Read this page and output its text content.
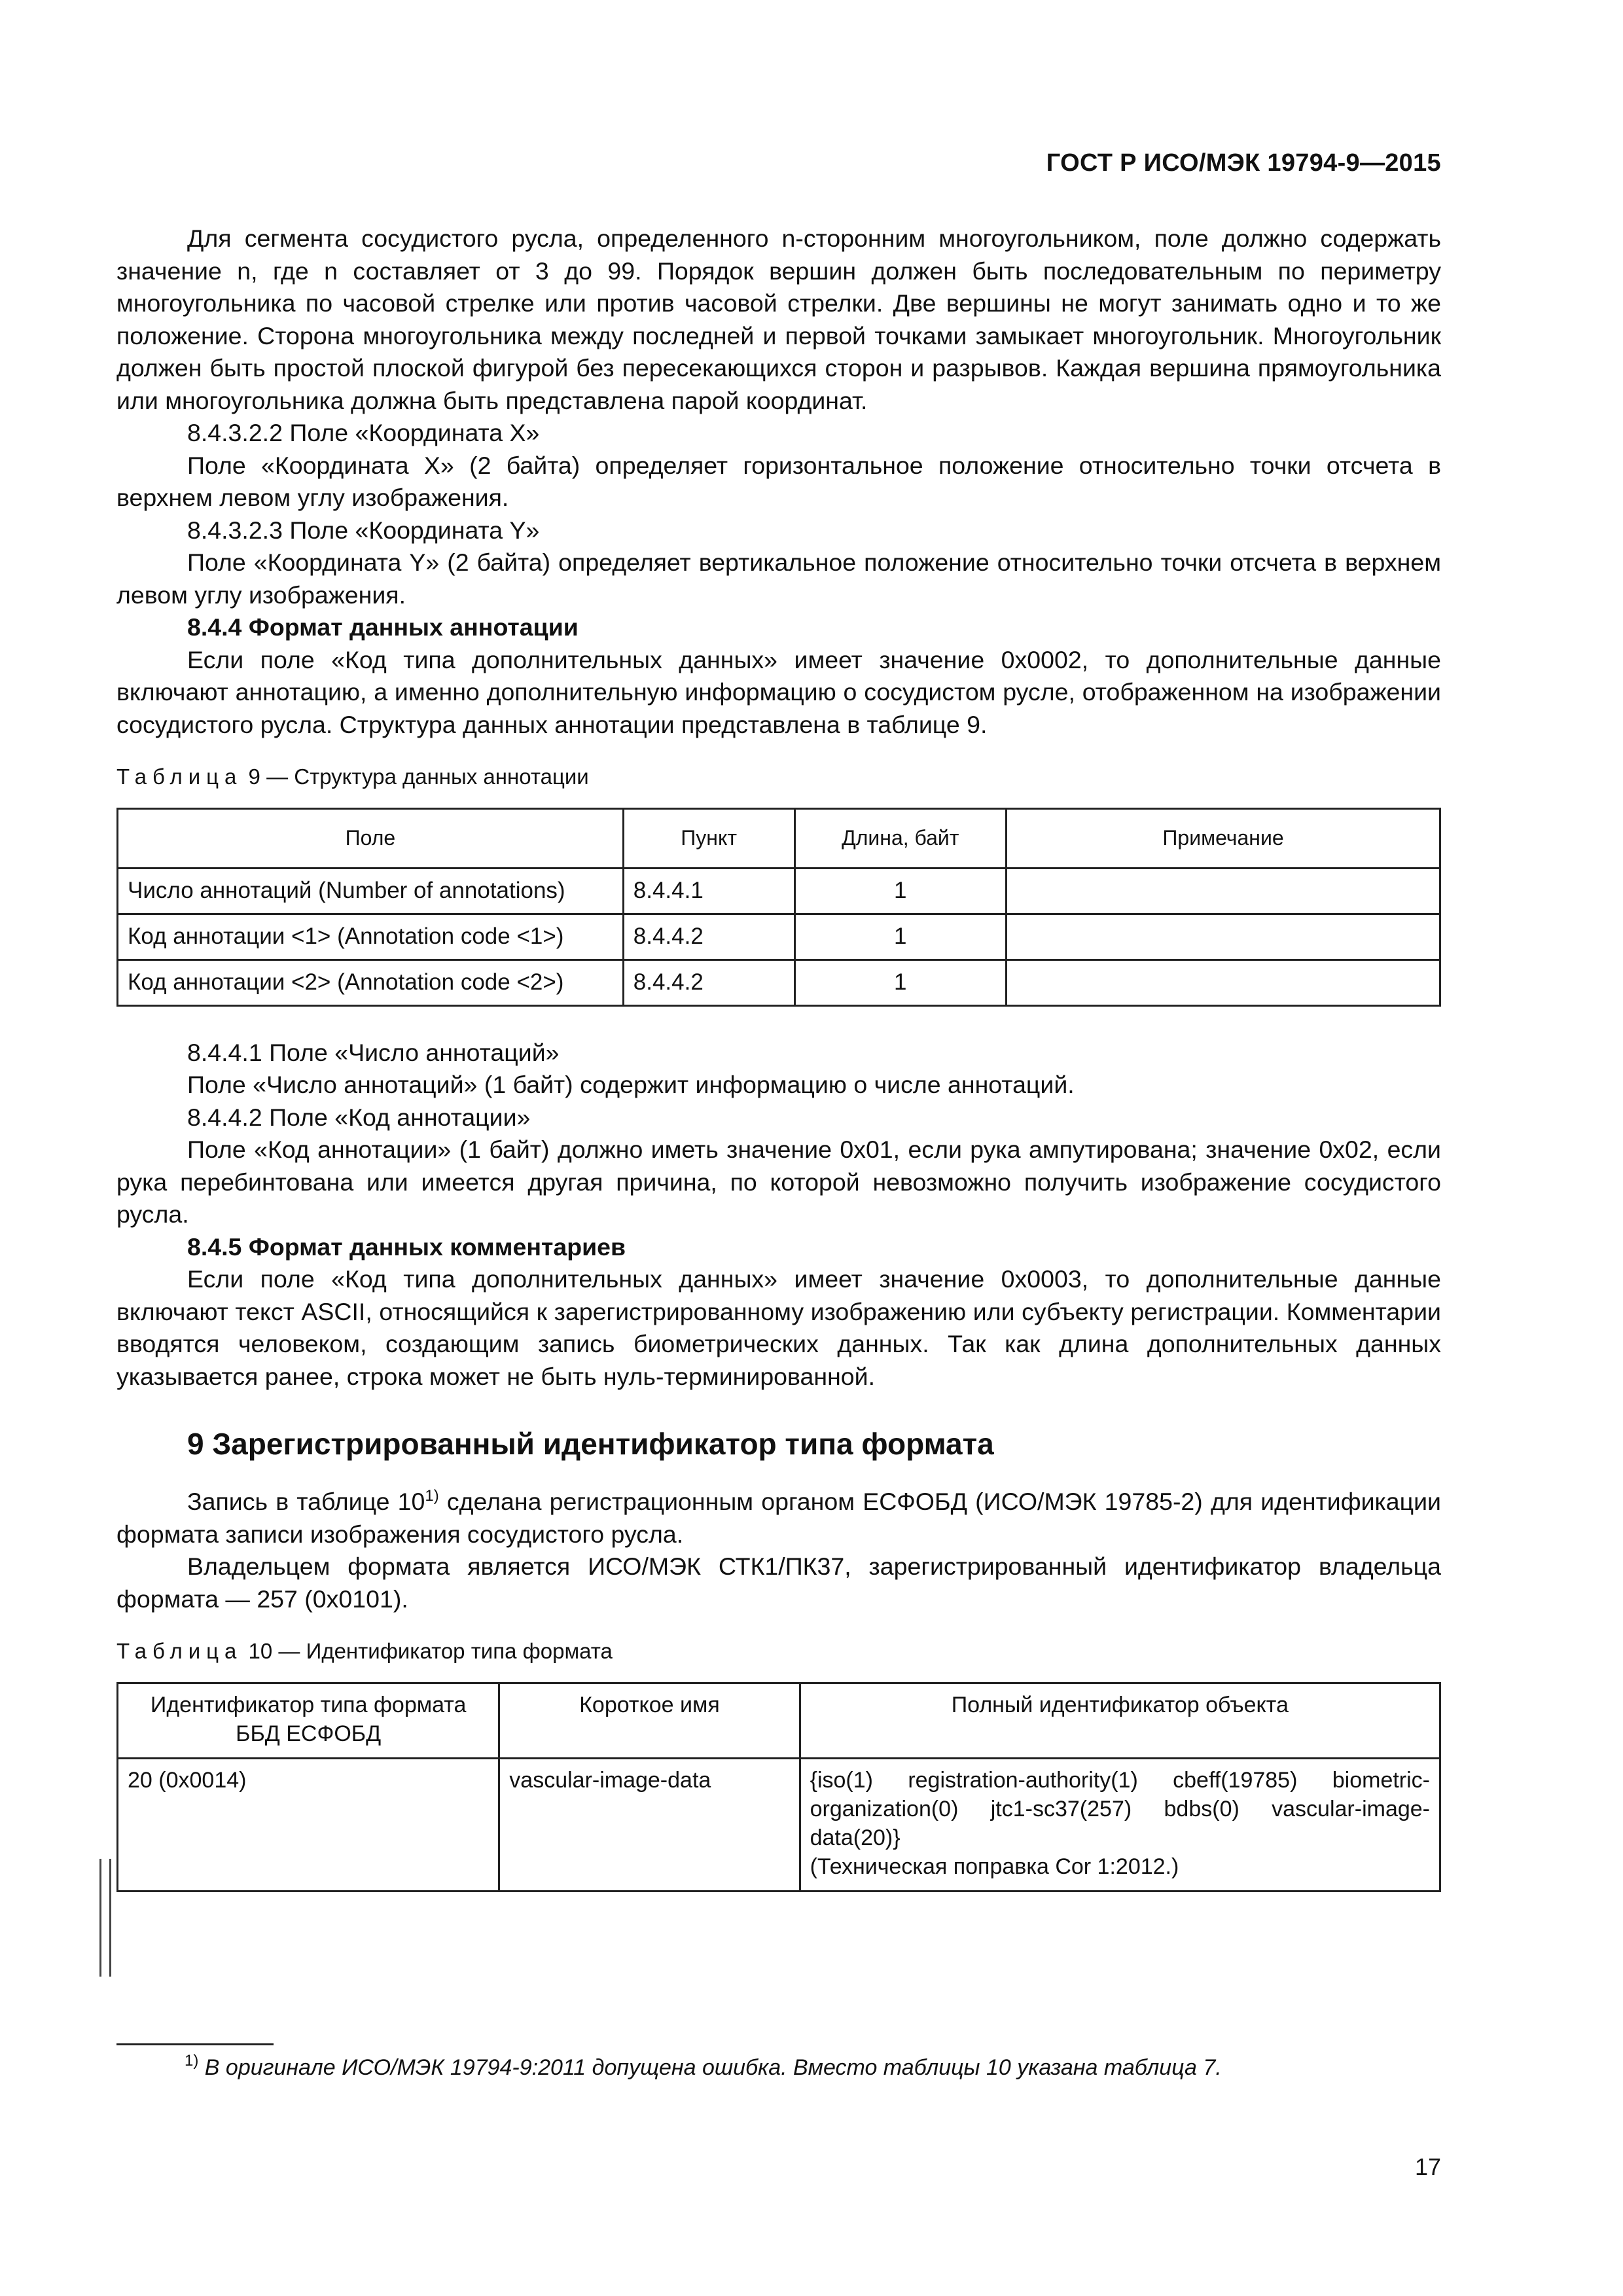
ГОСТ Р ИСО/МЭК 19794-9—2015

Для сегмента сосудистого русла, определенного n-сторонним многоугольником, поле должно содержать значение n, где n составляет от 3 до 99. Порядок вершин должен быть последовательным по периметру многоугольника по часовой стрелке или против часовой стрелки. Две вершины не могут занимать одно и то же положение. Сторона многоугольника между последней и первой точками замыкает многоугольник. Многоугольник должен быть простой плоской фигурой без пересекающихся сторон и разрывов. Каждая вершина прямоугольника или многоугольника должна быть представлена парой координат.

8.4.3.2.2 Поле «Координата X»

Поле «Координата X» (2 байта) определяет горизонтальное положение относительно точки отсчета в верхнем левом углу изображения.

8.4.3.2.3 Поле «Координата Y»

Поле «Координата Y» (2 байта) определяет вертикальное положение относительно точки отсчета в верхнем левом углу изображения.

8.4.4 Формат данных аннотации

Если поле «Код типа дополнительных данных» имеет значение 0x0002, то дополнительные данные включают аннотацию, а именно дополнительную информацию о сосудистом русле, отображенном на изображении сосудистого русла. Структура данных аннотации представлена в таблице 9.

Таблица 9 — Структура данных аннотации
Поле	Пункт	Длина, байт	Примечание
Число аннотаций (Number of annotations)	8.4.4.1	1	
Код аннотации <1> (Annotation code <1>)	8.4.4.2	1	
Код аннотации <2> (Annotation code <2>)	8.4.4.2	1	

8.4.4.1 Поле «Число аннотаций»

Поле «Число аннотаций» (1 байт) содержит информацию о числе аннотаций.

8.4.4.2 Поле «Код аннотации»

Поле «Код аннотации» (1 байт) должно иметь значение 0x01, если рука ампутирована; значение 0x02, если рука перебинтована или имеется другая причина, по которой невозможно получить изображение сосудистого русла.

8.4.5 Формат данных комментариев

Если поле «Код типа дополнительных данных» имеет значение 0x0003, то дополнительные данные включают текст ASCII, относящийся к зарегистрированному изображению или субъекту регистрации. Комментарии вводятся человеком, создающим запись биометрических данных. Так как длина дополнительных данных указывается ранее, строка может не быть нуль-терминированной.

9 Зарегистрированный идентификатор типа формата

Запись в таблице 10$^{1)}$ сделана регистрационным органом ЕСФОБД (ИСО/МЭК 19785-2) для идентификации формата записи изображения сосудистого русла.

Владельцем формата является ИСО/МЭК СТК1/ПК37, зарегистрированный идентификатор владельца формата — 257 (0x0101).

Таблица 10 — Идентификатор типа формата
Идентификатор типа формата ББД ЕСФОБД	Короткое имя	Полный идентификатор объекта
20 (0x0014)	vascular-image-data	{iso(1) registration-authority(1) cbeff(19785) biometric-organization(0) jtc1-sc37(257) bdbs(0) vascular-image-data(20)}
(Техническая поправка Cor 1:2012.)
$^{1)}$ В оригинале ИСО/МЭК 19794-9:2011 допущена ошибка. Вместо таблицы 10 указана таблица 7.
17
